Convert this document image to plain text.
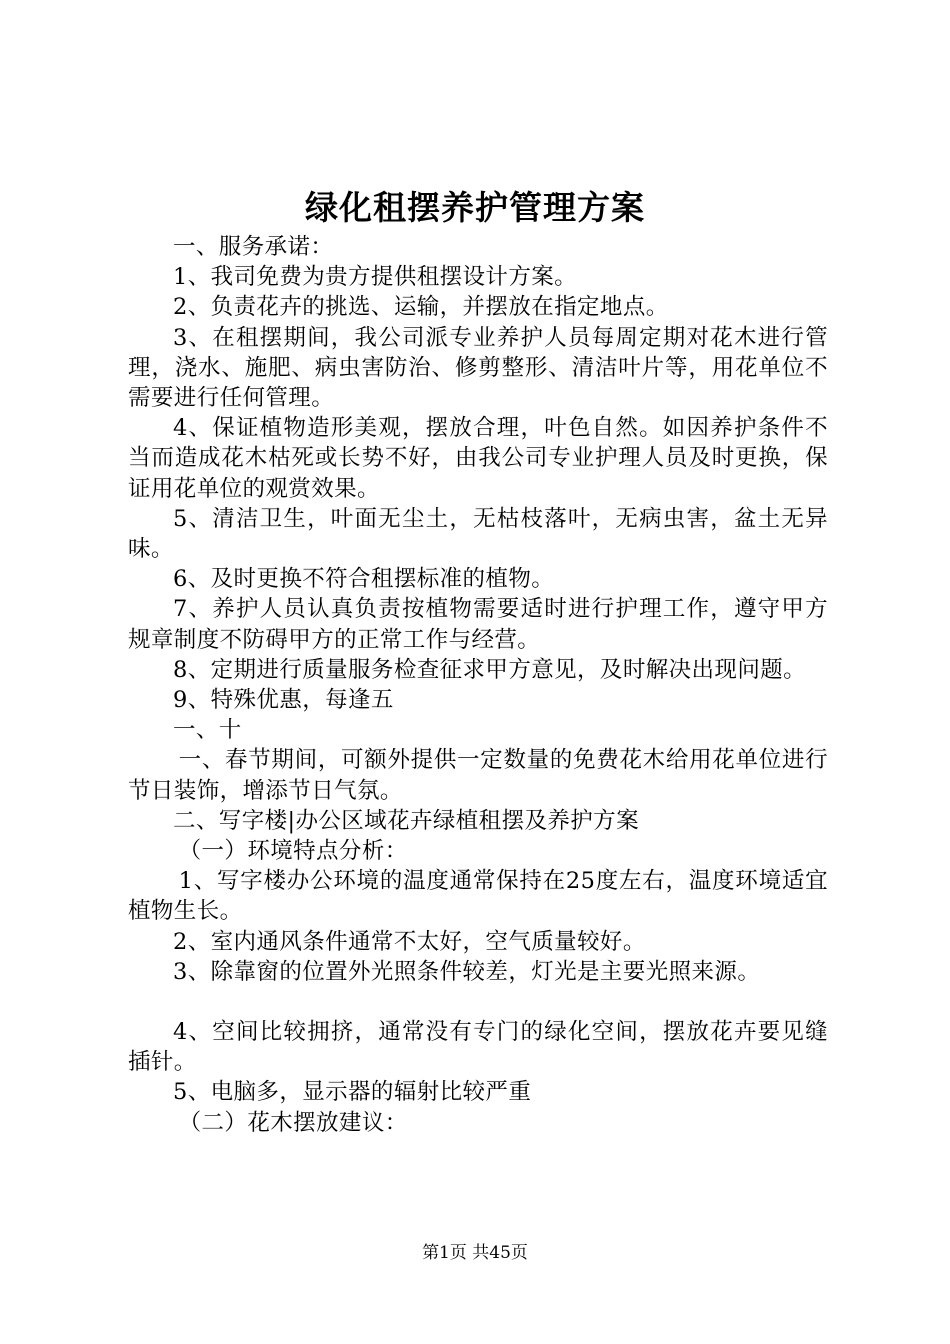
绿化租摆养护管理方案

一、服务承诺：

1、我司免费为贵方提供租摆设计方案。

2、负责花卉的挑选、运输，并摆放在指定地点。

3、在租摆期间，我公司派专业养护人员每周定期对花木进行管理，浇水、施肥、病虫害防治、修剪整形、清洁叶片等，用花单位不需要进行任何管理。

4、保证植物造形美观，摆放合理，叶色自然。如因养护条件不当而造成花木枯死或长势不好，由我公司专业护理人员及时更换，保证用花单位的观赏效果。

5、清洁卫生，叶面无尘土，无枯枝落叶，无病虫害，盆土无异味。

6、及时更换不符合租摆标准的植物。

7、养护人员认真负责按植物需要适时进行护理工作，遵守甲方规章制度不防碍甲方的正常工作与经营。

8、定期进行质量服务检查征求甲方意见，及时解决出现问题。

9、特殊优惠，每逢五

一、十

一、春节期间，可额外提供一定数量的免费花木给用花单位进行节日装饰，增添节日气氛。

二、写字楼|办公区域花卉绿植租摆及养护方案

（一）环境特点分析：

1、写字楼办公环境的温度通常保持在25度左右，温度环境适宜植物生长。

2、室内通风条件通常不太好，空气质量较好。

3、除靠窗的位置外光照条件较差，灯光是主要光照来源。

4、空间比较拥挤，通常没有专门的绿化空间，摆放花卉要见缝插针。

5、电脑多，显示器的辐射比较严重

（二）花木摆放建议：

第1页 共45页
